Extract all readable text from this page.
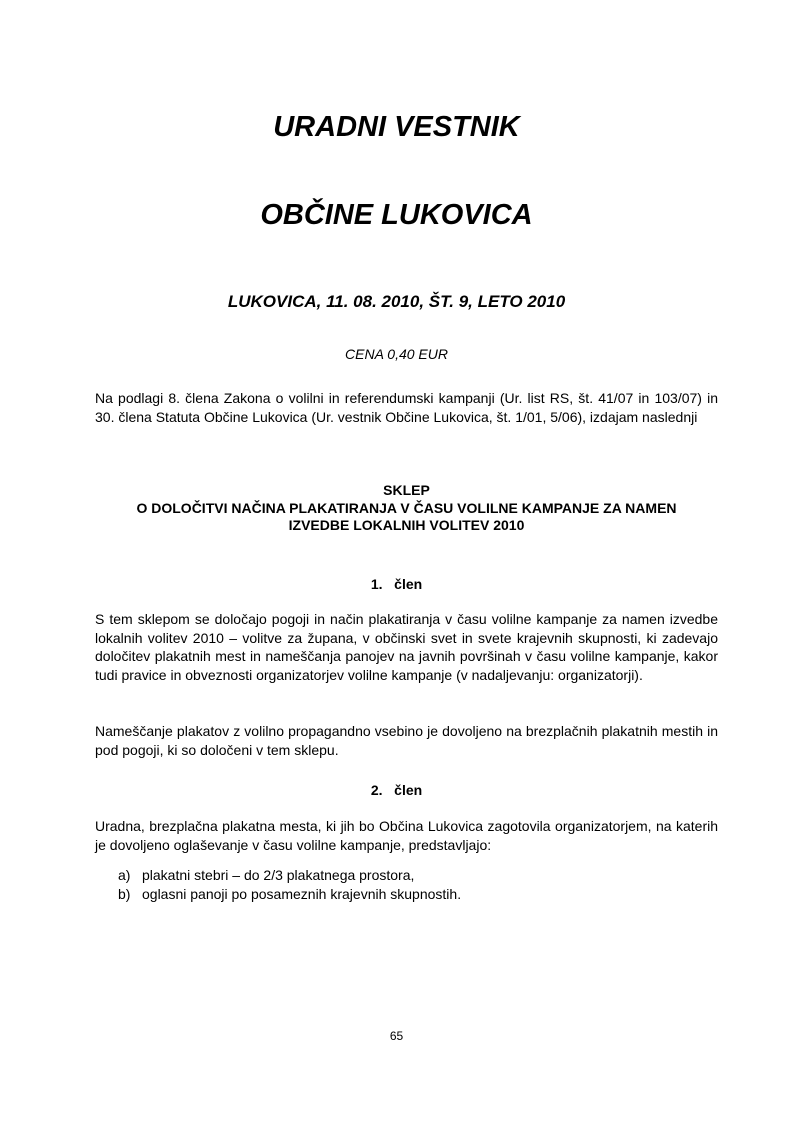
URADNI VESTNIK
OBČINE LUKOVICA
LUKOVICA, 11. 08. 2010, ŠT. 9, LETO 2010
CENA 0,40 EUR
Na podlagi 8. člena Zakona o volilni in referendumski kampanji (Ur. list RS, št. 41/07 in 103/07) in 30. člena Statuta Občine Lukovica (Ur. vestnik Občine Lukovica, št. 1/01, 5/06), izdajam naslednji
SKLEP
O DOLOČITVI NAČINA PLAKATIRANJA V ČASU VOLILNE KAMPANJE ZA NAMEN
IZVEDBE LOKALNIH VOLITEV 2010
1.   člen
S tem sklepom se določajo pogoji in način plakatiranja v času volilne kampanje za namen izvedbe lokalnih volitev 2010 – volitve za župana, v občinski svet in svete krajevnih skupnosti, ki zadevajo določitev plakatnih mest in nameščanja panojev na javnih površinah v času volilne kampanje, kakor tudi pravice in obveznosti organizatorjev volilne kampanje (v nadaljevanju: organizatorji).
Nameščanje plakatov z volilno propagandno vsebino je dovoljeno na brezplačnih plakatnih mestih in pod pogoji, ki so določeni v tem sklepu.
2.   člen
Uradna, brezplačna plakatna mesta, ki jih bo Občina Lukovica zagotovila organizatorjem, na katerih je dovoljeno oglaševanje v času volilne kampanje, predstavljajo:
a) plakatni stebri – do 2/3 plakatnega prostora,
b) oglasni panoji po posameznih krajevnih skupnostih.
65
